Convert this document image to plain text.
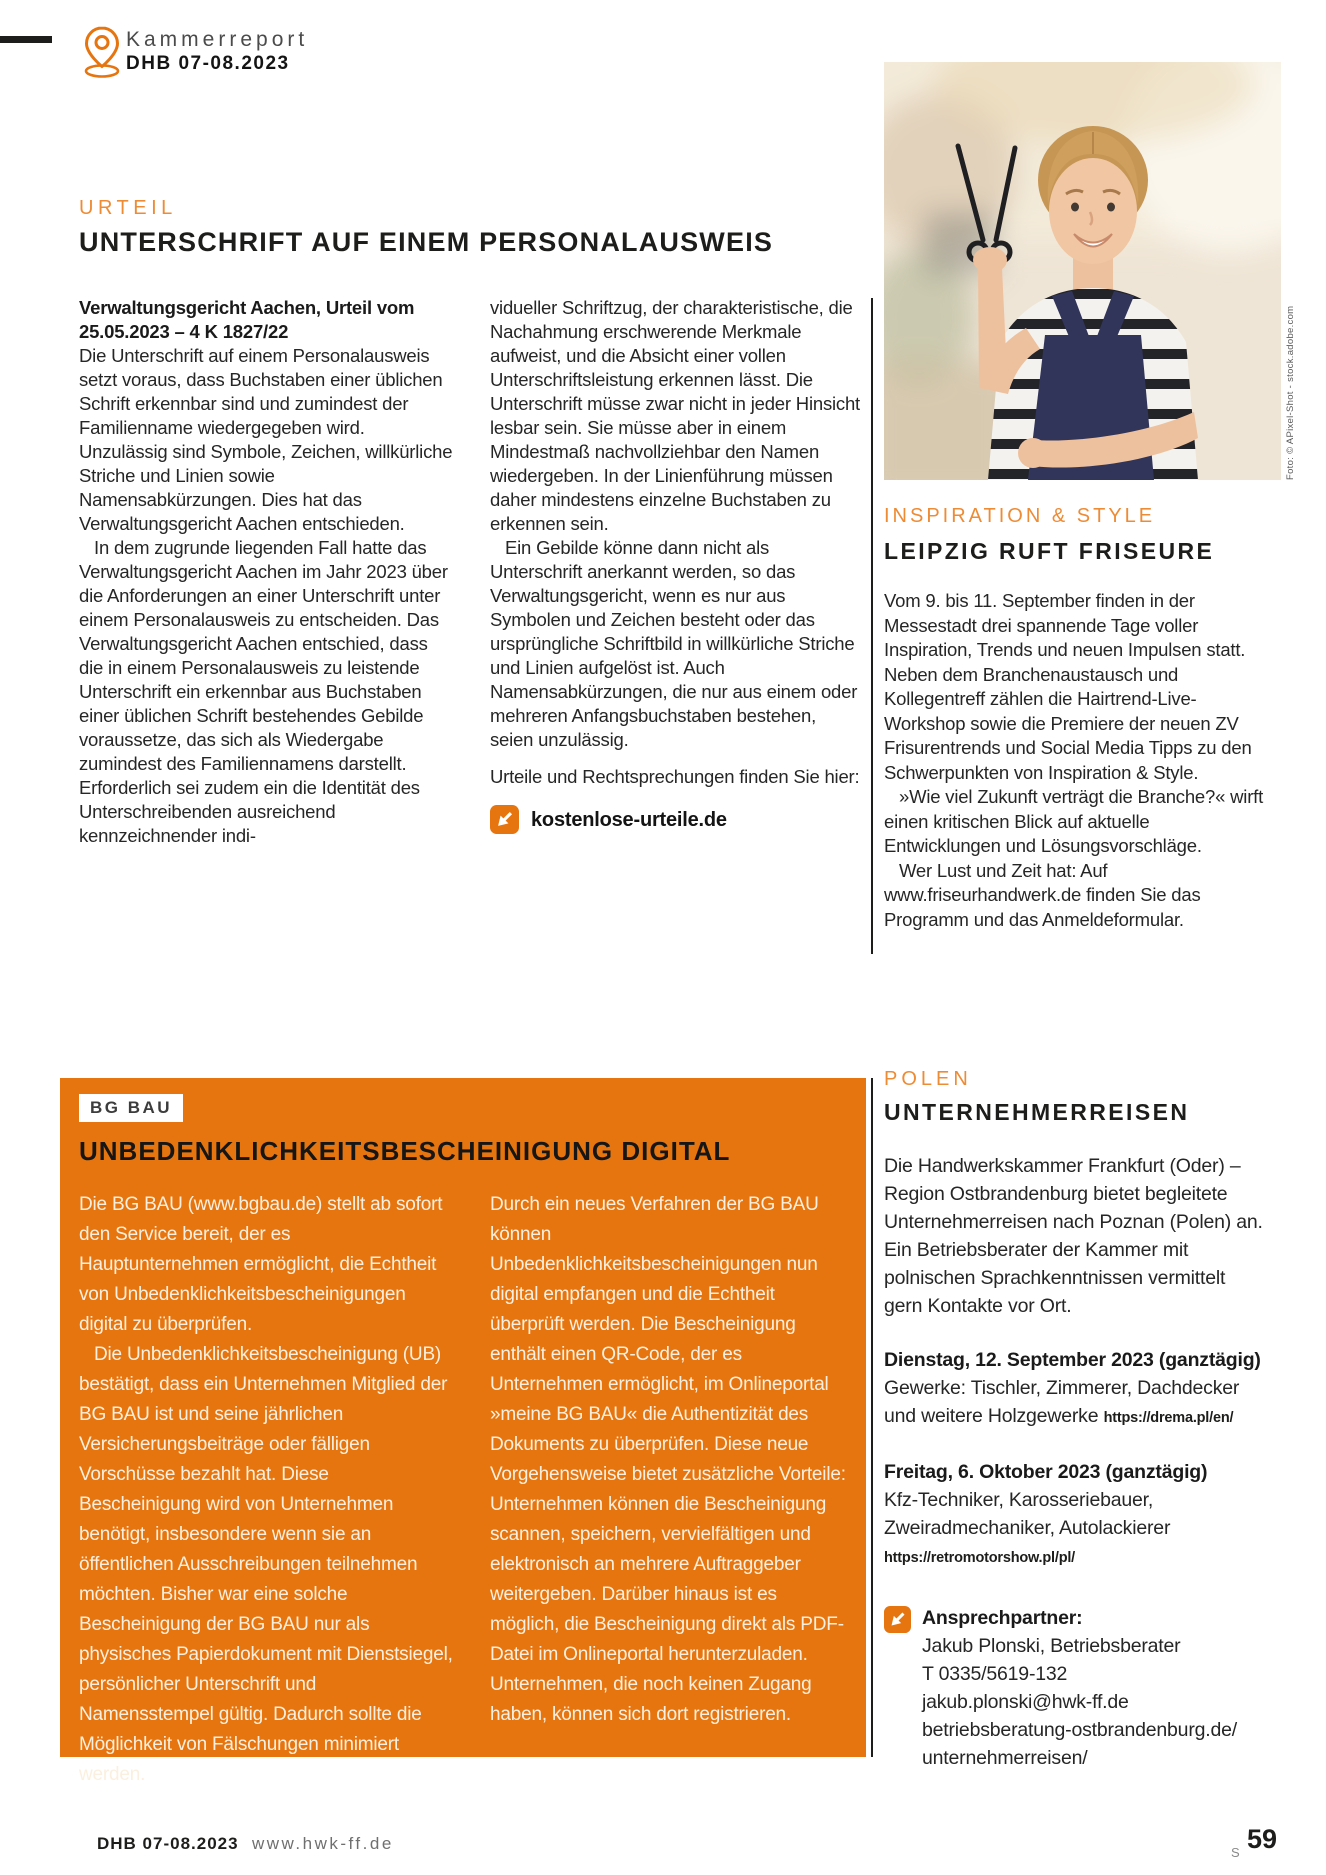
Kammerreport
DHB 07-08.2023
URTEIL
UNTERSCHRIFT AUF EINEM PERSONALAUSWEIS

Verwaltungsgericht Aachen, Urteil vom 25.05.2023 – 4 K 1827/22

Die Unterschrift auf einem Personalausweis setzt voraus, dass Buchstaben einer üblichen Schrift erkennbar sind und zumindest der Familienname wiedergegeben wird. Unzulässig sind Symbole, Zeichen, willkürliche Striche und Linien sowie Namensabkürzungen. Dies hat das Verwaltungsgericht Aachen entschieden.

In dem zugrunde liegenden Fall hatte das Verwaltungsgericht Aachen im Jahr 2023 über die Anforderungen an einer Unterschrift unter einem Personalausweis zu entscheiden. Das Verwaltungsgericht Aachen entschied, dass die in einem Personalausweis zu leistende Unterschrift ein erkennbar aus Buchstaben einer üblichen Schrift bestehendes Gebilde voraussetze, das sich als Wiedergabe zumindest des Familiennamens darstellt. Erforderlich sei zudem ein die Identität des Unterschreibenden ausreichend kennzeichnender indi-

vidueller Schriftzug, der charakteristische, die Nachahmung erschwerende Merkmale aufweist, und die Absicht einer vollen Unterschriftsleistung erkennen lässt. Die Unterschrift müsse zwar nicht in jeder Hinsicht lesbar sein. Sie müsse aber in einem Mindestmaß nachvollziehbar den Namen wiedergeben. In der Linienführung müssen daher mindestens einzelne Buchstaben zu erkennen sein.

Ein Gebilde könne dann nicht als Unterschrift anerkannt werden, so das Verwaltungsgericht, wenn es nur aus Symbolen und Zeichen besteht oder das ursprüngliche Schriftbild in willkürliche Striche und Linien aufgelöst ist. Auch Namensabkürzungen, die nur aus einem oder mehreren Anfangsbuchstaben bestehen, seien unzulässig.

Urteile und Rechtsprechungen finden Sie hier:

kostenlose-urteile.de
Foto: © APixel-Shot - stock.adobe.com
INSPIRATION & STYLE
LEIPZIG RUFT FRISEURE

Vom 9. bis 11. September finden in der Messestadt drei spannende Tage voller Inspiration, Trends und neuen Impulsen statt. Neben dem Branchenaustausch und Kollegentreff zählen die Hairtrend-Live-Workshop sowie die Premiere der neuen ZV Frisurentrends und Social Media Tipps zu den Schwerpunkten von Inspiration & Style.

»Wie viel Zukunft verträgt die Branche?« wirft einen kritischen Blick auf aktuelle Entwicklungen und Lösungsvorschläge.

Wer Lust und Zeit hat: Auf www.friseurhandwerk.de finden Sie das Programm und das Anmeldeformular.

BG BAU
UNBEDENKLICHKEITSBESCHEINIGUNG DIGITAL

Die BG BAU (www.bgbau.de) stellt ab sofort den Service bereit, der es Hauptunternehmen ermöglicht, die Echtheit von Unbedenklichkeitsbescheinigungen digital zu überprüfen.

Die Unbedenklichkeitsbescheinigung (UB) bestätigt, dass ein Unternehmen Mitglied der BG BAU ist und seine jährlichen Versicherungsbeiträge oder fälligen Vorschüsse bezahlt hat. Diese Bescheinigung wird von Unternehmen benötigt, insbesondere wenn sie an öffentlichen Ausschreibungen teilnehmen möchten. Bisher war eine solche Bescheinigung der BG BAU nur als physisches Papierdokument mit Dienstsiegel, persönlicher Unterschrift und Namensstempel gültig. Dadurch sollte die Möglichkeit von Fälschungen minimiert werden.

Durch ein neues Verfahren der BG BAU können Unbedenklichkeitsbescheinigungen nun digital empfangen und die Echtheit überprüft werden. Die Bescheinigung enthält einen QR-Code, der es Unternehmen ermöglicht, im Onlineportal »meine BG BAU« die Authentizität des Dokuments zu überprüfen. Diese neue Vorgehensweise bietet zusätzliche Vorteile: Unternehmen können die Bescheinigung scannen, speichern, vervielfältigen und elektronisch an mehrere Auftraggeber weitergeben. Darüber hinaus ist es möglich, die Bescheinigung direkt als PDF-Datei im Onlineportal herunterzuladen. Unternehmen, die noch keinen Zugang haben, können sich dort registrieren.

POLEN
UNTERNEHMERREISEN

Die Handwerkskammer Frankfurt (Oder) – Region Ostbrandenburg bietet begleitete Unternehmerreisen nach Poznan (Polen) an. Ein Betriebsberater der Kammer mit polnischen Sprachkenntnissen vermittelt gern Kontakte vor Ort.

Dienstag, 12. September 2023 (ganztägig)

Gewerke: Tischler, Zimmerer, Dachdecker und weitere Holzgewerke https://drema.pl/en/

Freitag, 6. Oktober 2023 (ganztägig)

Kfz-Techniker, Karosseriebauer, Zweiradmechaniker, Autolackierer https://retromotorshow.pl/pl/

Ansprechpartner:
Jakub Plonski, Betriebsberater
T 0335/5619-132
jakub.plonski@hwk-ff.de
betriebsberatung-ostbrandenburg.de/
unternehmerreisen/
DHB 07-08.2023 www.hwk-ff.de	S 59
